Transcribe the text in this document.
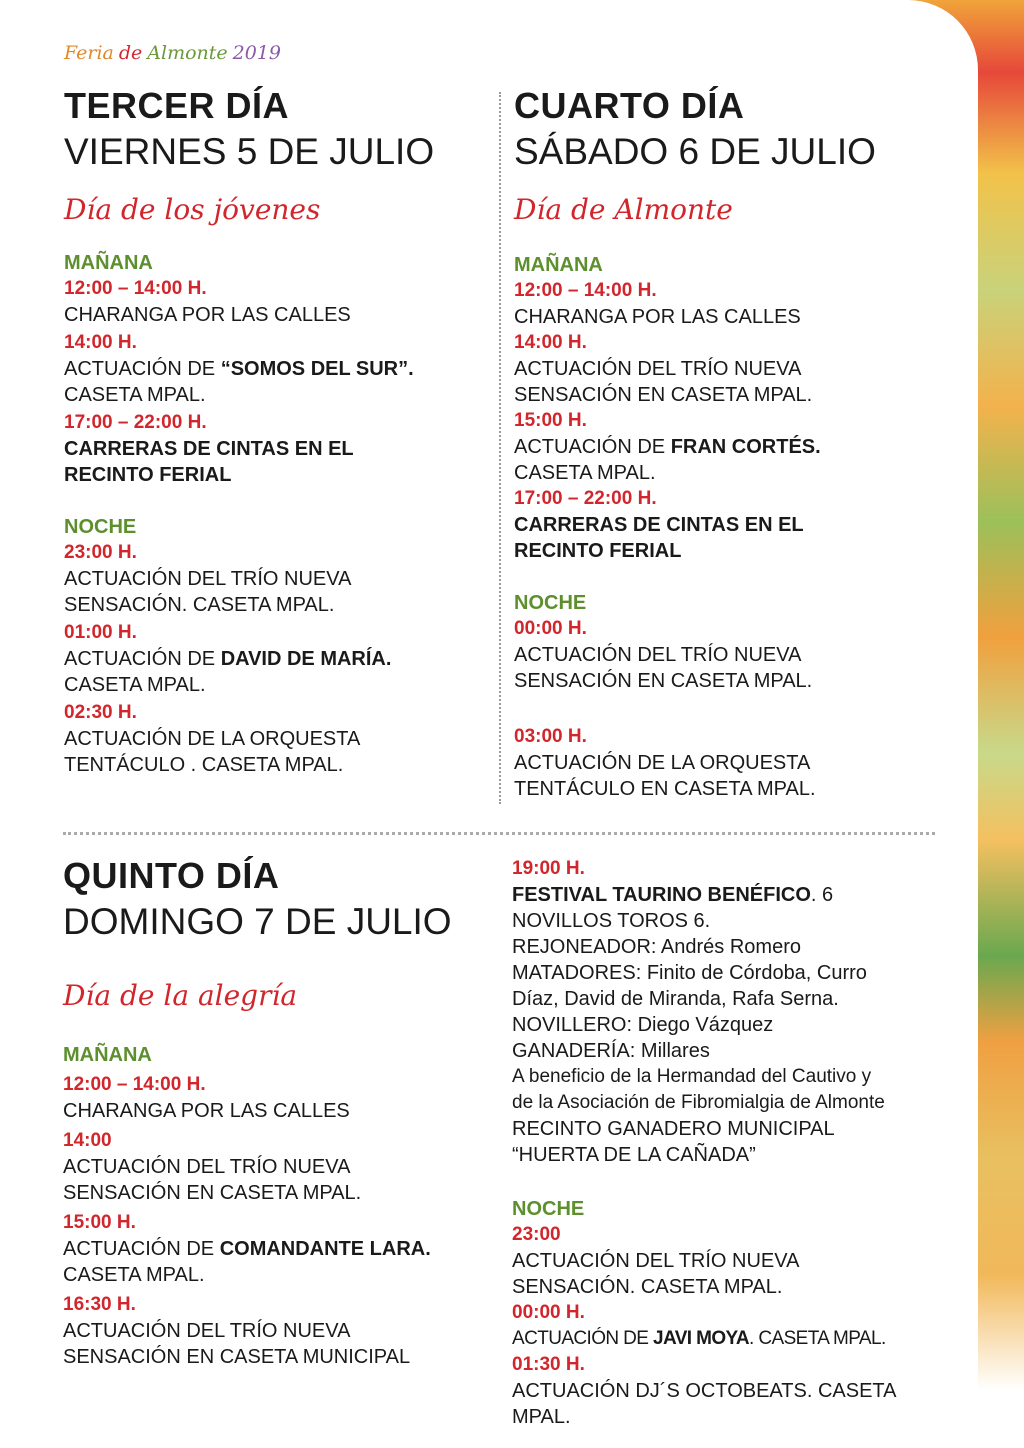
Feria de Almonte 2019
TERCER DÍA
VIERNES 5 DE JULIO
Día de los jóvenes
MAÑANA
12:00 – 14:00 H.
CHARANGA POR LAS CALLES
14:00 H.
ACTUACIÓN DE “SOMOS DEL SUR”.
CASETA MPAL.
17:00 – 22:00 H.
CARRERAS DE CINTAS EN EL
RECINTO FERIAL
NOCHE
23:00 H.
ACTUACIÓN DEL TRÍO NUEVA
SENSACIÓN. CASETA MPAL.
01:00 H.
ACTUACIÓN DE DAVID DE MARÍA.
CASETA MPAL.
02:30 H.
ACTUACIÓN DE LA ORQUESTA
TENTÁCULO . CASETA MPAL.
CUARTO DÍA
SÁBADO 6 DE JULIO
Día de Almonte
MAÑANA
12:00 – 14:00 H.
CHARANGA POR LAS CALLES
14:00 H.
ACTUACIÓN DEL TRÍO NUEVA
SENSACIÓN EN CASETA MPAL.
15:00 H.
ACTUACIÓN DE FRAN CORTÉS.
CASETA MPAL.
17:00 – 22:00 H.
CARRERAS DE CINTAS EN EL
RECINTO FERIAL
NOCHE
00:00 H.
ACTUACIÓN DEL TRÍO NUEVA
SENSACIÓN EN CASETA MPAL.
03:00 H.
ACTUACIÓN DE LA ORQUESTA
TENTÁCULO EN CASETA MPAL.
QUINTO DÍA
DOMINGO 7 DE JULIO
Día de la alegría
MAÑANA
12:00 – 14:00 H.
CHARANGA POR LAS CALLES
14:00
ACTUACIÓN DEL TRÍO NUEVA
SENSACIÓN EN CASETA MPAL.
15:00 H.
ACTUACIÓN DE COMANDANTE LARA.
CASETA MPAL.
16:30 H.
ACTUACIÓN DEL TRÍO NUEVA
SENSACIÓN EN CASETA MUNICIPAL
19:00 H.
FESTIVAL TAURINO BENÉFICO. 6
NOVILLOS TOROS 6.
REJONEADOR: Andrés Romero
MATADORES: Finito de Córdoba, Curro
Díaz, David de Miranda, Rafa Serna.
NOVILLERO: Diego Vázquez
GANADERÍA: Millares
A beneficio de la Hermandad del Cautivo y
de la Asociación de Fibromialgia de Almonte
RECINTO GANADERO MUNICIPAL
“HUERTA DE LA CAÑADA”
NOCHE
23:00
ACTUACIÓN DEL TRÍO NUEVA
SENSACIÓN. CASETA MPAL.
00:00 H.
ACTUACIÓN DE JAVI MOYA. CASETA MPAL.
01:30 H.
ACTUACIÓN DJ´S OCTOBEATS. CASETA
MPAL.
